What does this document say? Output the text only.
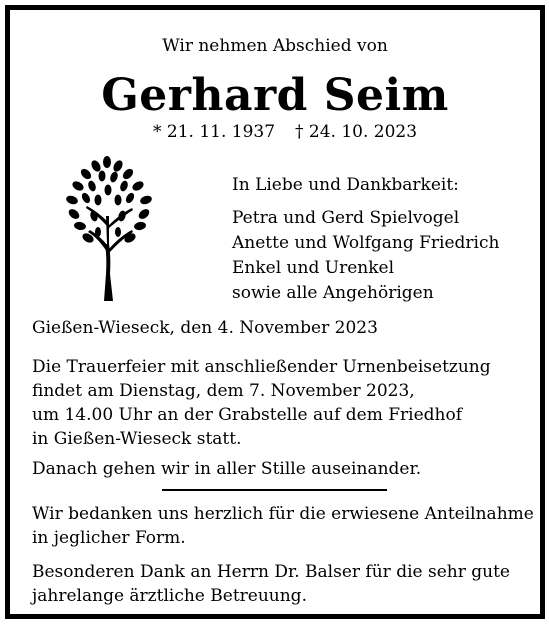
Wir nehmen Abschied von
Gerhard Seim
* 21. 11. 1937 † 24. 10. 2023
In Liebe und Dankbarkeit:
Petra und Gerd Spielvogel
Anette und Wolfgang Friedrich
Enkel und Urenkel
sowie alle Angehörigen
Gießen-Wieseck, den 4. November 2023
Die Trauerfeier mit anschließender Urnenbeisetzung
findet am Dienstag, dem 7. November 2023,
um 14.00 Uhr an der Grabstelle auf dem Friedhof
in Gießen-Wieseck statt.
Danach gehen wir in aller Stille auseinander.
Wir bedanken uns herzlich für die erwiesene Anteilnahme
in jeglicher Form.
Besonderen Dank an Herrn Dr. Balser für die sehr gute
jahrelange ärztliche Betreuung.
